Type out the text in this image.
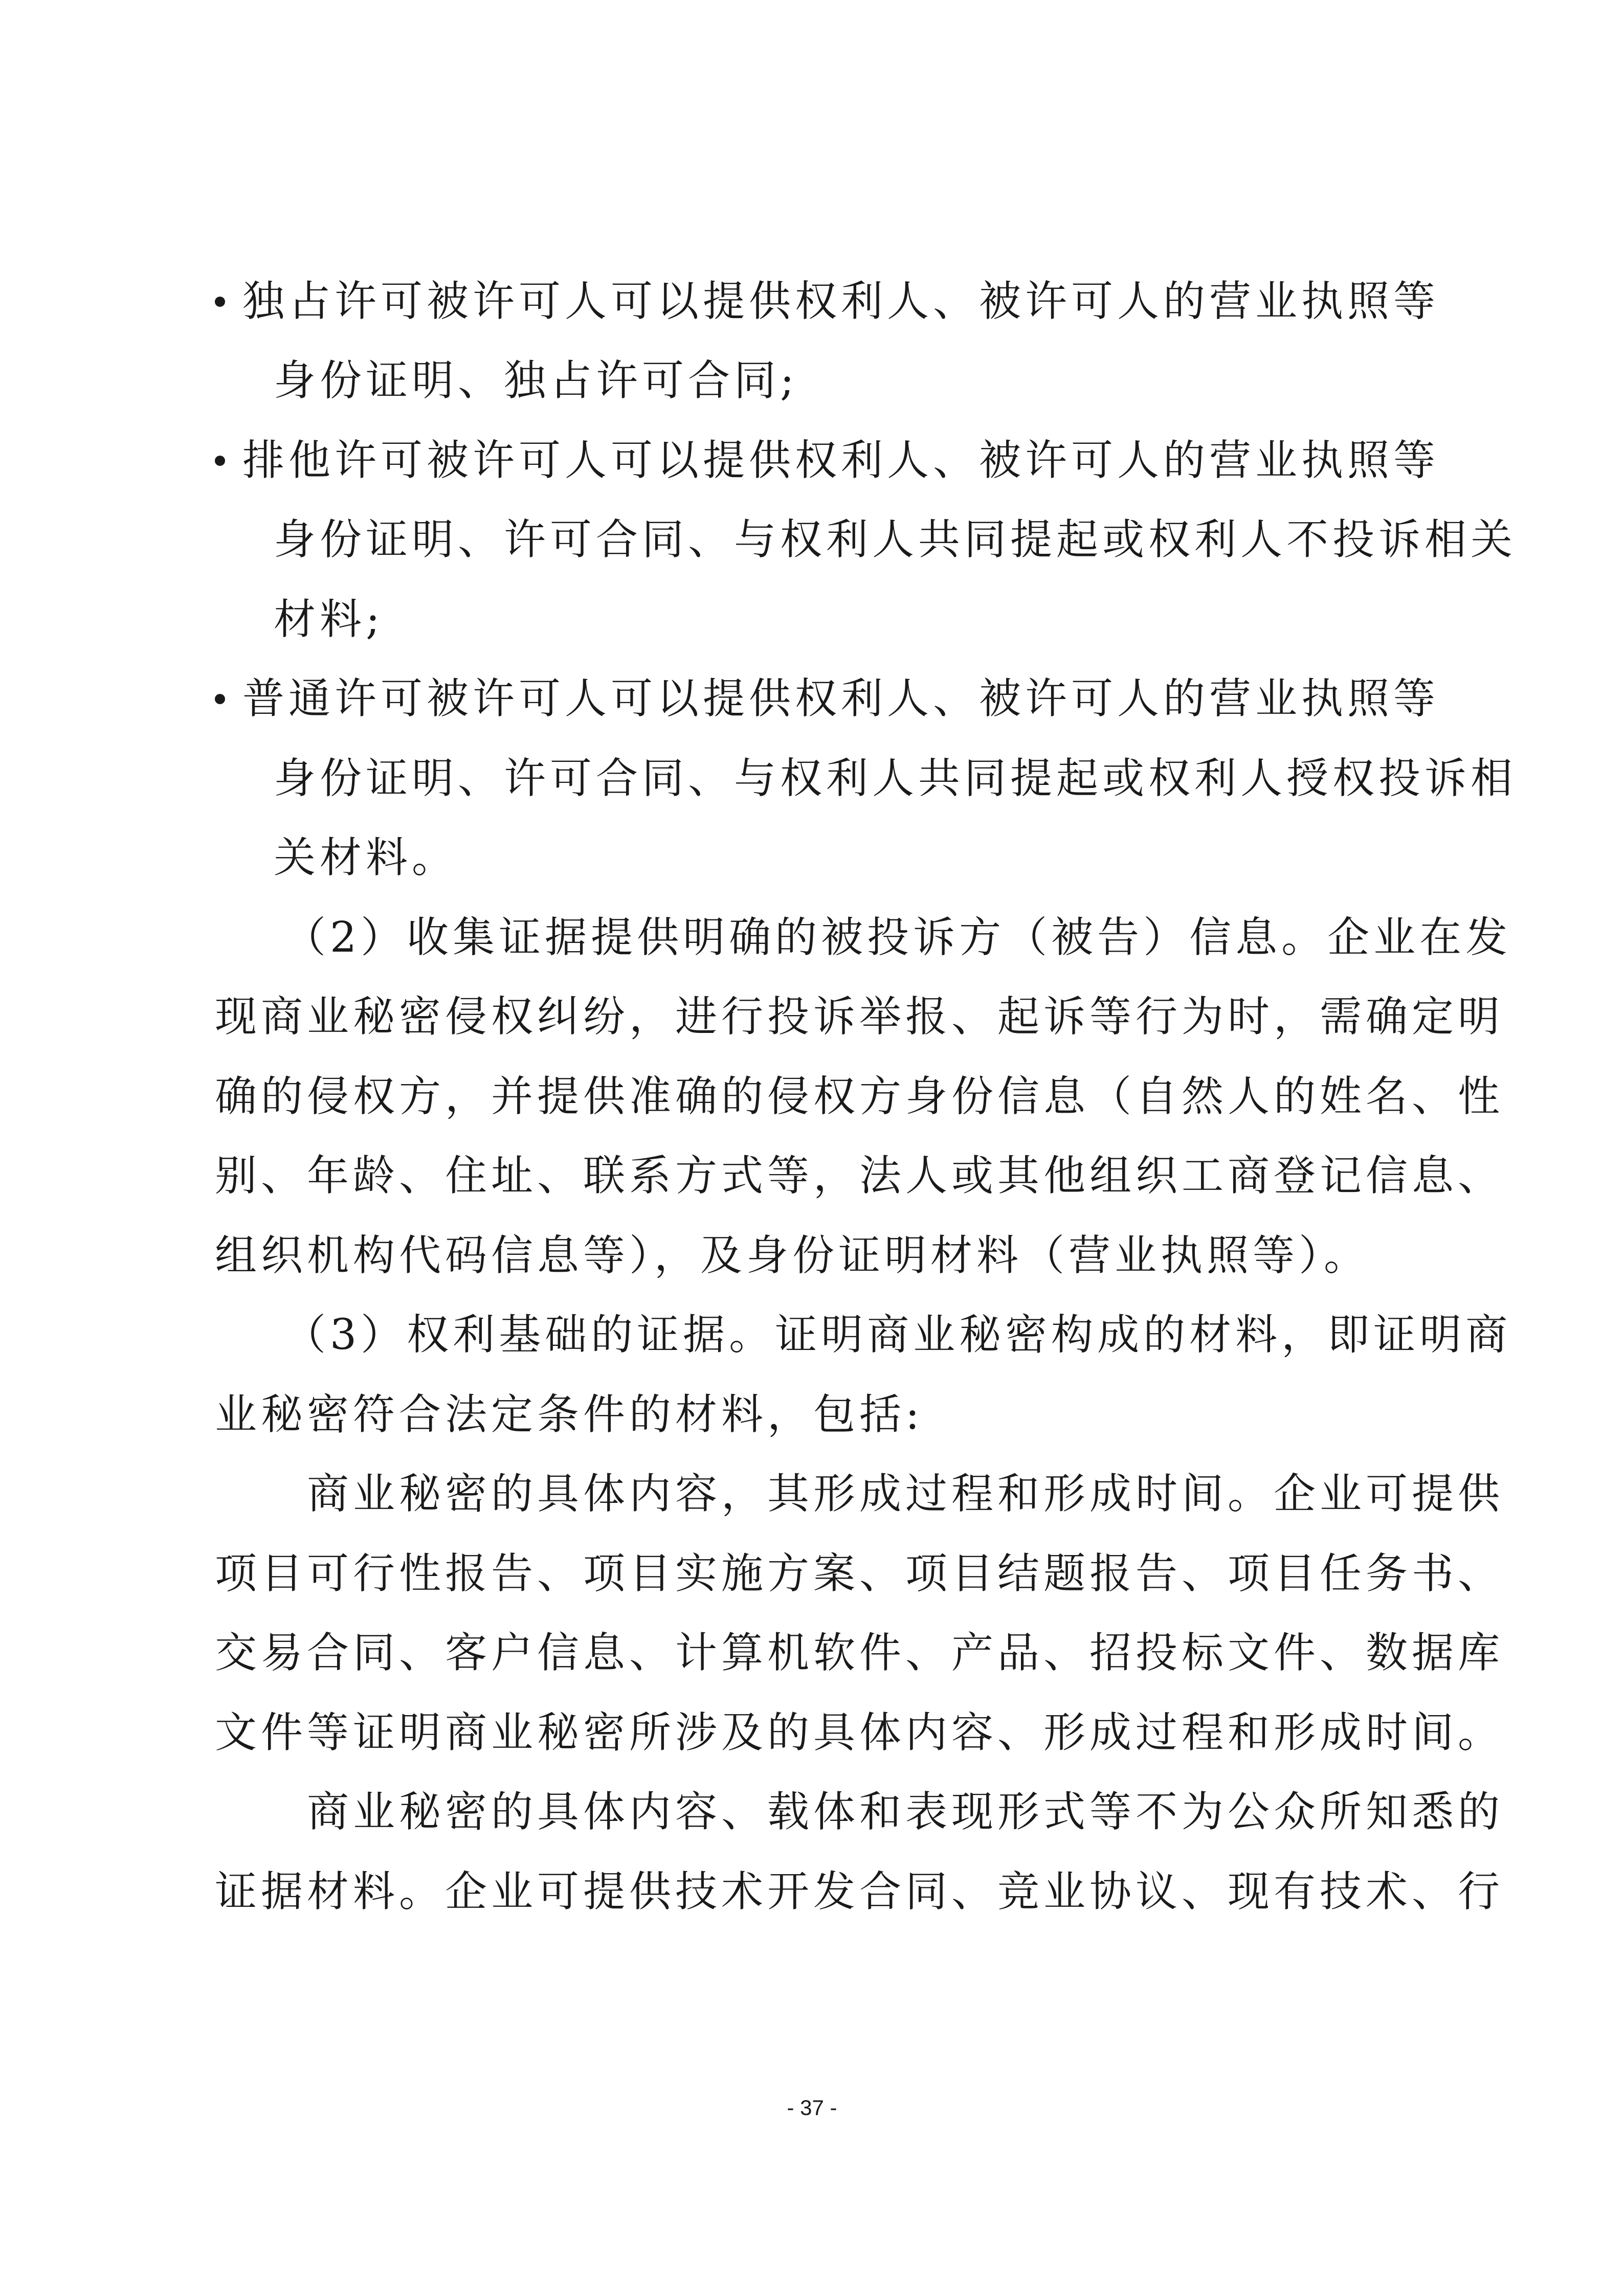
独占许可被许可人可以提供权利人、被许可人的营业执照等
身份证明、独占许可合同;
排他许可被许可人可以提供权利人、被许可人的营业执照等
身份证明、许可合同、与权利人共同提起或权利人不投诉相关
材料;
普通许可被许可人可以提供权利人、被许可人的营业执照等
身份证明、许可合同、与权利人共同提起或权利人授权投诉相
关材料。
（2）收集证据提供明确的被投诉方（被告）信息。企业在发
现商业秘密侵权纠纷，进行投诉举报、起诉等行为时，需确定明
确的侵权方，并提供准确的侵权方身份信息（自然人的姓名、性
别、年龄、住址、联系方式等，法人或其他组织工商登记信息、
组织机构代码信息等），及身份证明材料（营业执照等）。
（3）权利基础的证据。证明商业秘密构成的材料，即证明商
业秘密符合法定条件的材料，包括:
商业秘密的具体内容，其形成过程和形成时间。企业可提供
项目可行性报告、项目实施方案、项目结题报告、项目任务书、
交易合同、客户信息、计算机软件、产品、招投标文件、数据库
文件等证明商业秘密所涉及的具体内容、形成过程和形成时间。
商业秘密的具体内容、载体和表现形式等不为公众所知悉的
证据材料。企业可提供技术开发合同、竞业协议、现有技术、行
- 37 -
